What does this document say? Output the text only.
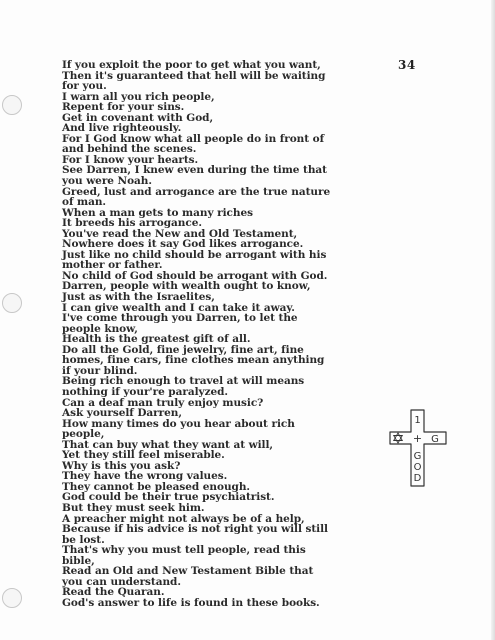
34
If you exploit the poor to get what you want,
Then it's guaranteed that hell will be waiting
for you.
I warn all you rich people,
Repent for your sins.
Get in covenant with God,
And live righteously.
For I God know what all people do in front of
and behind the scenes.
For I know your hearts.
See Darren, I knew even during the time that
you were Noah.
Greed, lust and arrogance are the true nature
of man.
When a man gets to many riches
It breeds his arrogance.
You've read the New and Old Testament,
Nowhere does it say God likes arrogance.
Just like no child should be arrogant with his
mother or father.
No child of God should be arrogant with God.
Darren, people with wealth ought to know,
Just as with the Israelites,
I can give wealth and I can take it away.
I've come through you Darren, to let the
people know,
Health is the greatest gift of all.
Do all the Gold, fine jewelry, fine art, fine
homes, fine cars, fine clothes mean anything
if your blind.
Being rich enough to travel at will means
nothing if your're paralyzed.
Can a deaf man truly enjoy music?
Ask yourself Darren,
How many times do you hear about rich
people,
That can buy what they want at will,
Yet they still feel miserable.
Why is this you ask?
They have the wrong values.
They cannot be pleased enough.
God could be their true psychiatrist.
But they must seek him.
A preacher might not always be of a help,
Because if his advice is not right you will still
be lost.
That's why you must tell people, read this
bible,
Read an Old and New Testament Bible that
you can understand.
Read the Quaran.
God's answer to life is found in these books.
1
+ G
G
O
D
